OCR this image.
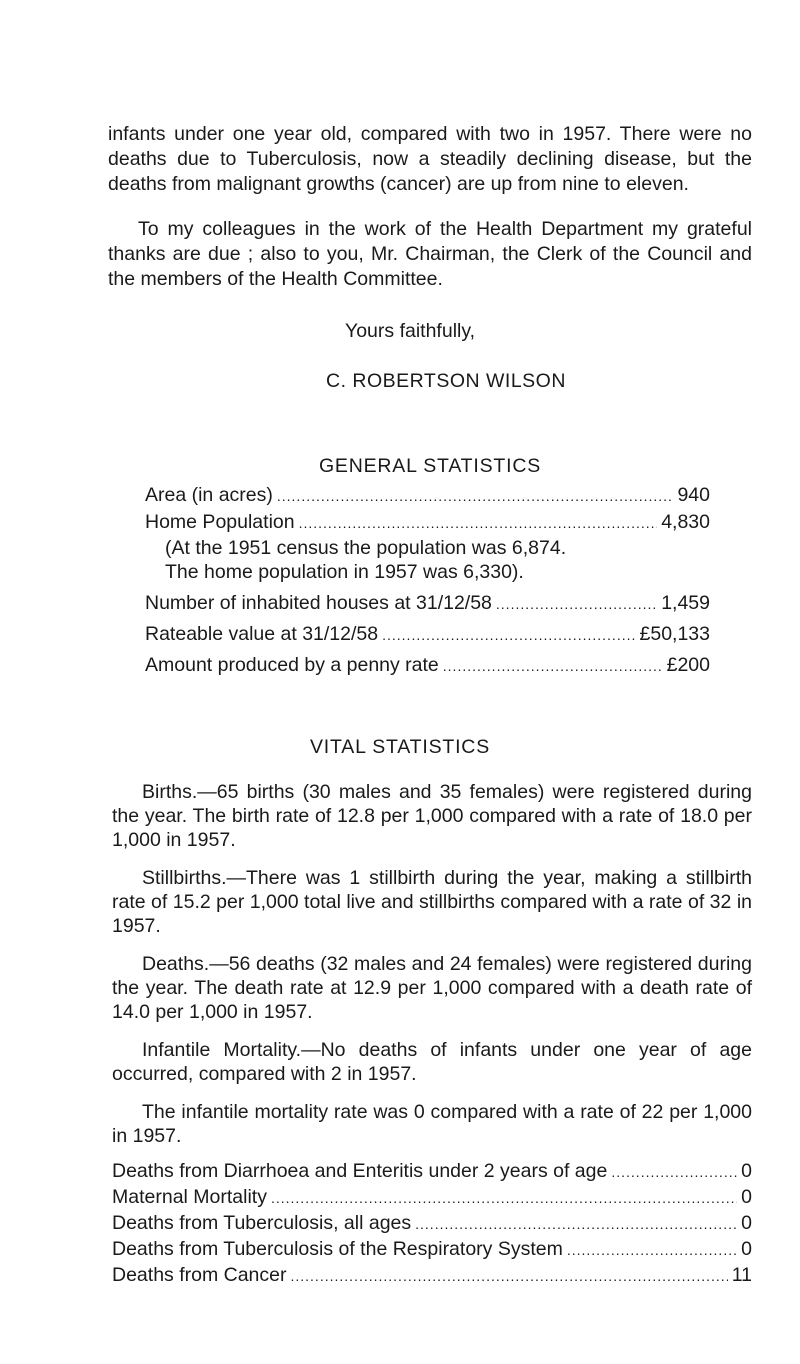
infants under one year old, compared with two in 1957. There were no deaths due to Tuberculosis, now a steadily declining disease, but the deaths from malignant growths (cancer) are up from nine to eleven.

To my colleagues in the work of the Health Department my grateful thanks are due ; also to you, Mr. Chairman, the Clerk of the Council and the members of the Health Committee.

Yours faithfully,

C. ROBERTSON WILSON

GENERAL STATISTICS

Area (in acres) .....	940
Home Population .....	4,830

(At the 1951 census the population was 6,874.

The home population in 1957 was 6,330).

Number of inhabited houses at 31/12/58 .....	1,459
Rateable value at 31/12/58 .....	£50,133
Amount produced by a penny rate .....	£200

VITAL STATISTICS

Births.—65 births (30 males and 35 females) were registered during the year. The birth rate of 12.8 per 1,000 compared with a rate of 18.0 per 1,000 in 1957.

Stillbirths.—There was 1 stillbirth during the year, making a stillbirth rate of 15.2 per 1,000 total live and stillbirths compared with a rate of 32 in 1957.

Deaths.—56 deaths (32 males and 24 females) were registered during the year. The death rate at 12.9 per 1,000 compared with a death rate of 14.0 per 1,000 in 1957.

Infantile Mortality.—No deaths of infants under one year of age occurred, compared with 2 in 1957.

The infantile mortality rate was 0 compared with a rate of 22 per 1,000 in 1957.

Deaths from Diarrhoea and Enteritis under 2 years of age .....	0
Maternal Mortality .....	0
Deaths from Tuberculosis, all ages .....	0
Deaths from Tuberculosis of the Respiratory System .....	0
Deaths from Cancer .....	11
